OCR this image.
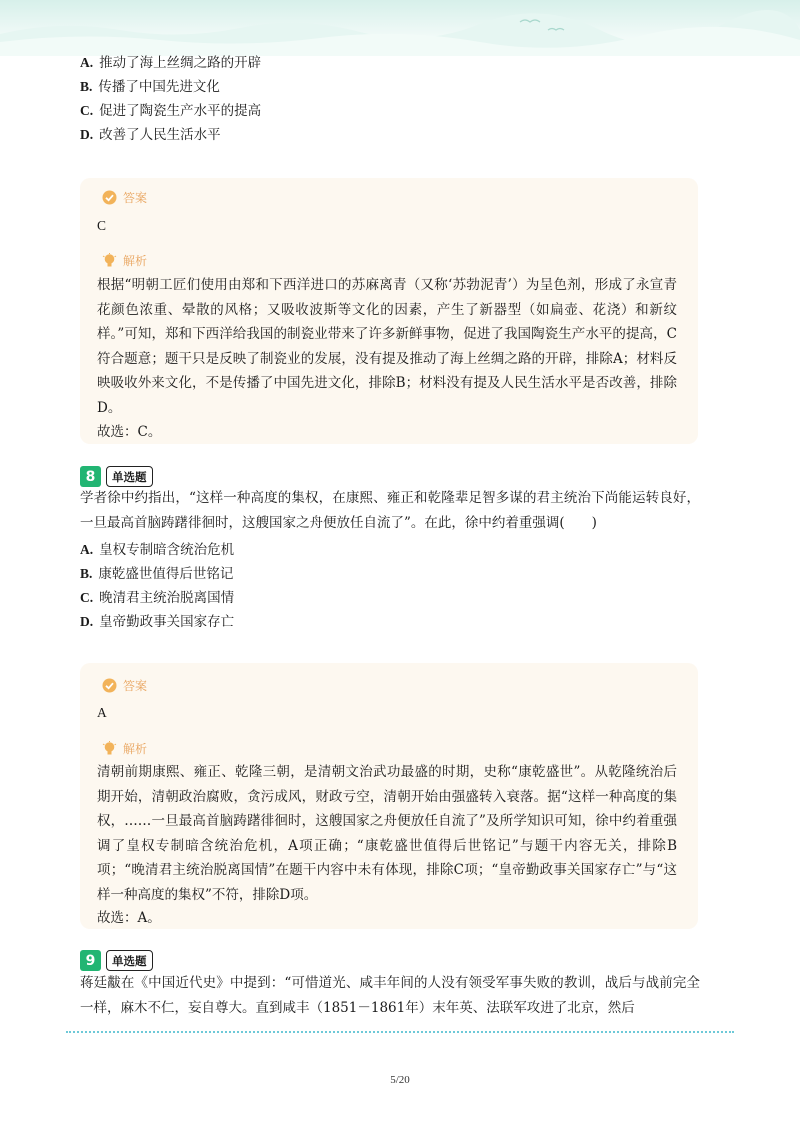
A. 推动了海上丝绸之路的开辟
B. 传播了中国先进文化
C. 促进了陶瓷生产水平的提高
D. 改善了人民生活水平
答案
C
解析
根据“明朝工匠们使用由郑和下西洋进口的苏麻离青（又称‘苏勃泥青’）为呈色剂，形成了永宣青花颜色浓重、晕散的风格；又吸收波斯等文化的因素，产生了新器型（如扁壶、花浇）和新纹样。”可知，郑和下西洋给我国的制瓷业带来了许多新鲜事物，促进了我国陶瓷生产水平的提高，C符合题意；题干只是反映了制瓷业的发展，没有提及推动了海上丝绸之路的开辟，排除A；材料反映吸收外来文化，不是传播了中国先进文化，排除B；材料没有提及人民生活水平是否改善，排除D。
故选：C。
8	单选题
学者徐中约指出，“这样一种高度的集权，在康熙、雍正和乾隆辈足智多谋的君主统治下尚能运转良好，一旦最高首脑踌躇徘徊时，这艘国家之舟便放任自流了”。在此，徐中约着重强调(　　)
A. 皇权专制暗含统治危机
B. 康乾盛世值得后世铭记
C. 晚清君主统治脱离国情
D. 皇帝勤政事关国家存亡
答案
A
解析
清朝前期康熙、雍正、乾隆三朝，是清朝文治武功最盛的时期，史称“康乾盛世”。从乾隆统治后期开始，清朝政治腐败，贪污成风，财政亏空，清朝开始由强盛转入衰落。据“这样一种高度的集权，……一旦最高首脑踌躇徘徊时，这艘国家之舟便放任自流了”及所学知识可知，徐中约着重强调了皇权专制暗含统治危机，A项正确；“康乾盛世值得后世铭记”与题干内容无关，排除B项；“晚清君主统治脱离国情”在题干内容中未有体现，排除C项；“皇帝勤政事关国家存亡”与“这样一种高度的集权”不符，排除D项。
故选：A。
9	单选题
蒋廷黻在《中国近代史》中提到：“可惜道光、咸丰年间的人没有领受军事失败的教训，战后与战前完全一样，麻木不仁，妄自尊大。直到咸丰（1851－1861年）末年英、法联军攻进了北京，然后
5/20
